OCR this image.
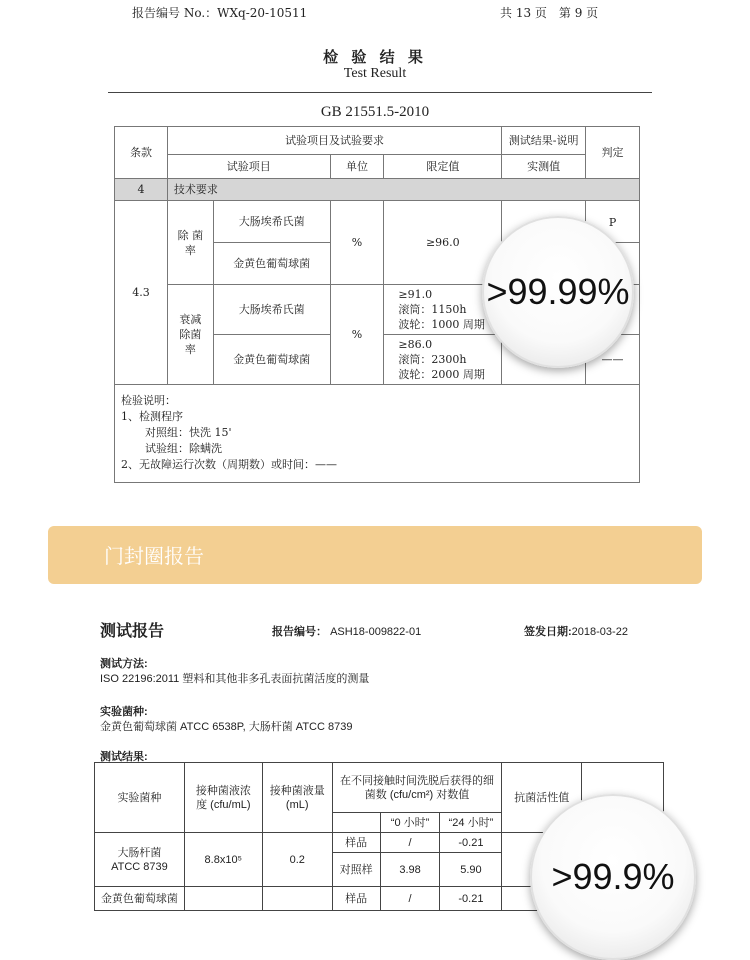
报告编号 No.：WXq-20-10511	共 13 页　第 9 页
检 验 结 果
Test Result
GB 21551.5-2010
条款	试验项目及试验要求				测试结果-说明	判定
	试验项目		单位	限定值	实测值	
4	技术要求					
4.3	除 菌 率	大肠埃希氏菌	%	≥96.0		P
		金黄色葡萄球菌				
	衰减 除菌 率	大肠埃希氏菌	%	≥91.0
滚筒：1150h
波轮：1000 周期		

		金黄色葡萄球菌		≥86.0
滚筒：2300h
波轮：2000 周期		——

检验说明：
1、检测程序
对照组：快洗 15'
试验组：除螨洗
2、无故障运行次数（周期数）或时间：——						
>99.99%
门封圈报告
测试报告	报告编号： ASH18-009822-01	签发日期:2018-03-22
测试方法:
ISO 22196:2011 塑料和其他非多孔表面抗菌活度的测量
实验菌种:
金黄色葡萄球菌 ATCC 6538P, 大肠杆菌 ATCC 8739
测试结果:
实验菌种	接种菌液浓度 (cfu/mL)	接种菌液量(mL)	在不同接触时间洗脱后获得的细菌数 (cfu/cm²) 对数值			抗菌活性值	
				“0 小时”	“24 小时”		
大肠杆菌 ATCC 8739	8.8x10⁵	0.2	样品	/	-0.21		
			对照样	3.98	5.90		
金黄色葡萄球菌			样品	/	-0.21		
>99.9%
